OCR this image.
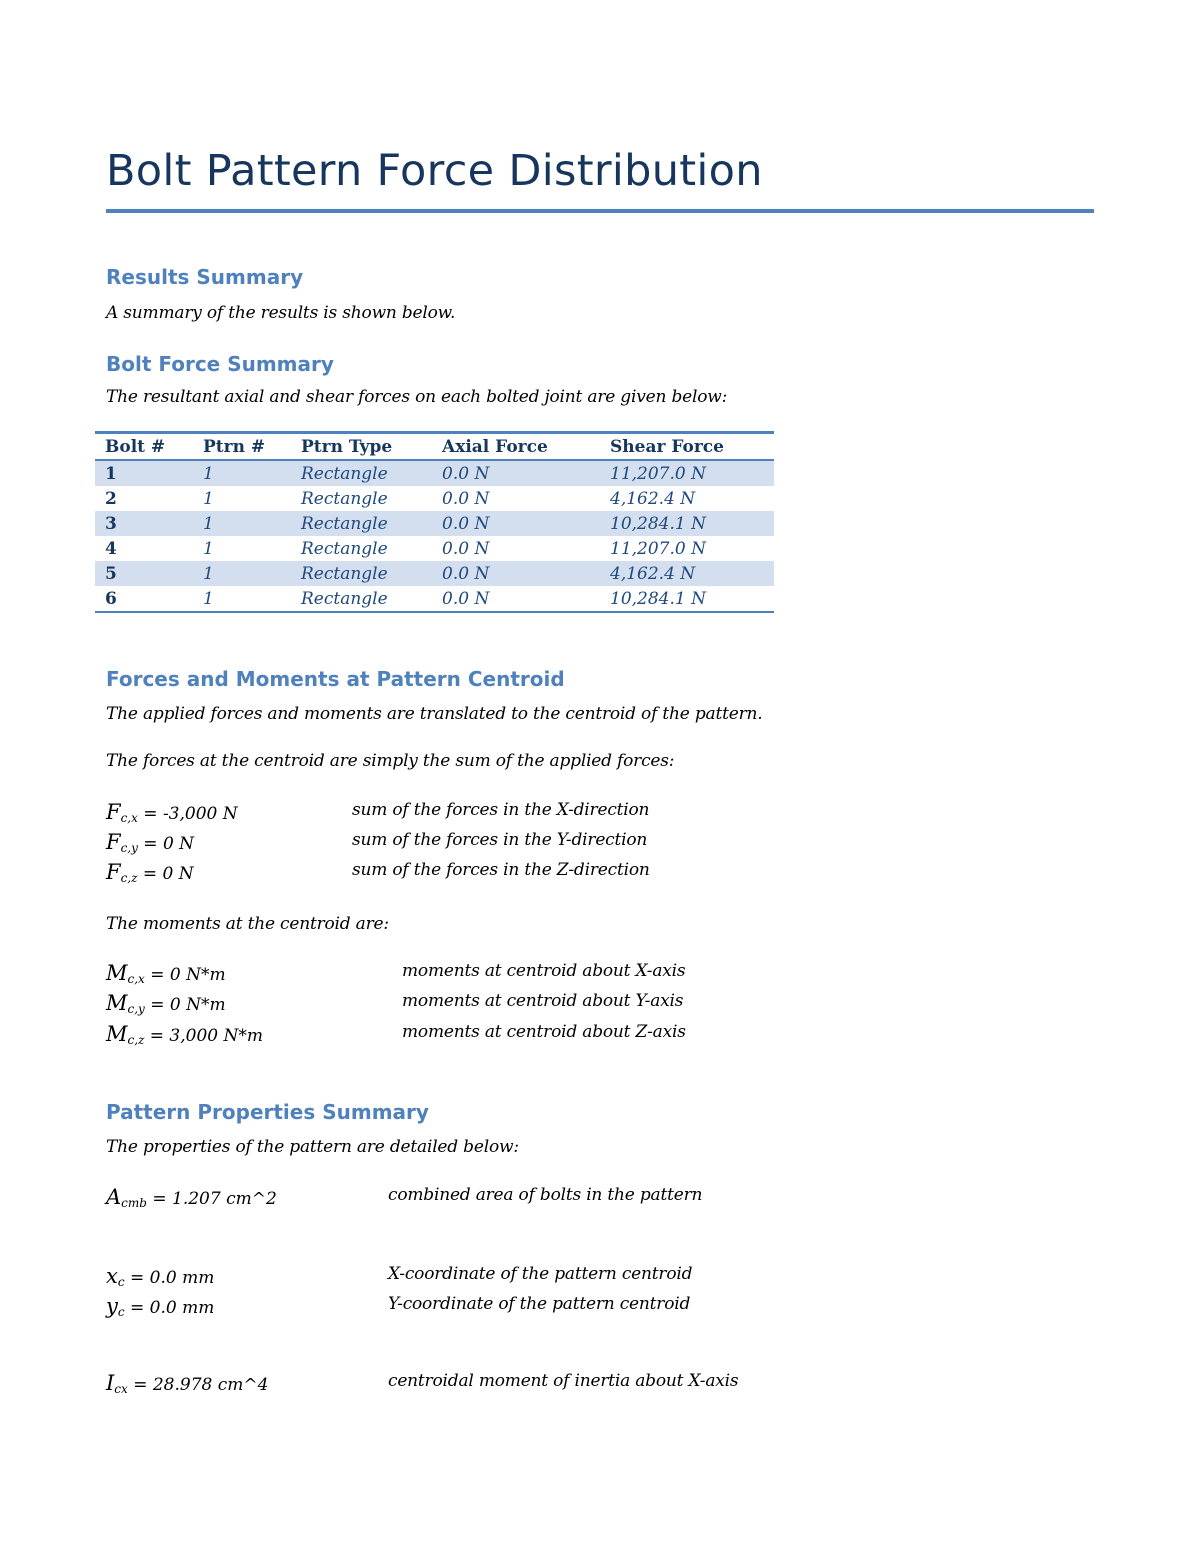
Bolt Pattern Force Distribution
Results Summary

A summary of the results is shown below.

Bolt Force Summary

The resultant axial and shear forces on each bolted joint are given below:

Bolt #	Ptrn #	Ptrn Type	Axial Force	Shear Force
1	1	Rectangle	0.0 N	11,207.0 N
2	1	Rectangle	0.0 N	4,162.4 N
3	1	Rectangle	0.0 N	10,284.1 N
4	1	Rectangle	0.0 N	11,207.0 N
5	1	Rectangle	0.0 N	4,162.4 N
6	1	Rectangle	0.0 N	10,284.1 N
Forces and Moments at Pattern Centroid

The applied forces and moments are translated to the centroid of the pattern.

The forces at the centroid are simply the sum of the applied forces:

$F_{c,x} = -3,000$ N	sum of the forces in the X-direction
$F_{c,y} = 0$ N	sum of the forces in the Y-direction
$F_{c,z} = 0$ N	sum of the forces in the Z-direction

The moments at the centroid are:

$M_{c,x} = 0$ N*m	moments at centroid about X-axis
$M_{c,y} = 0$ N*m	moments at centroid about Y-axis
$M_{c,z} = 3,000$ N*m	moments at centroid about Z-axis
Pattern Properties Summary

The properties of the pattern are detailed below:

$A_{cmb} = 1.207$ cm^2	combined area of bolts in the pattern
$x_c = 0.0$ mm	X-coordinate of the pattern centroid
$y_c = 0.0$ mm	Y-coordinate of the pattern centroid
$I_{cx} = 28.978$ cm^4	centroidal moment of inertia about X-axis
